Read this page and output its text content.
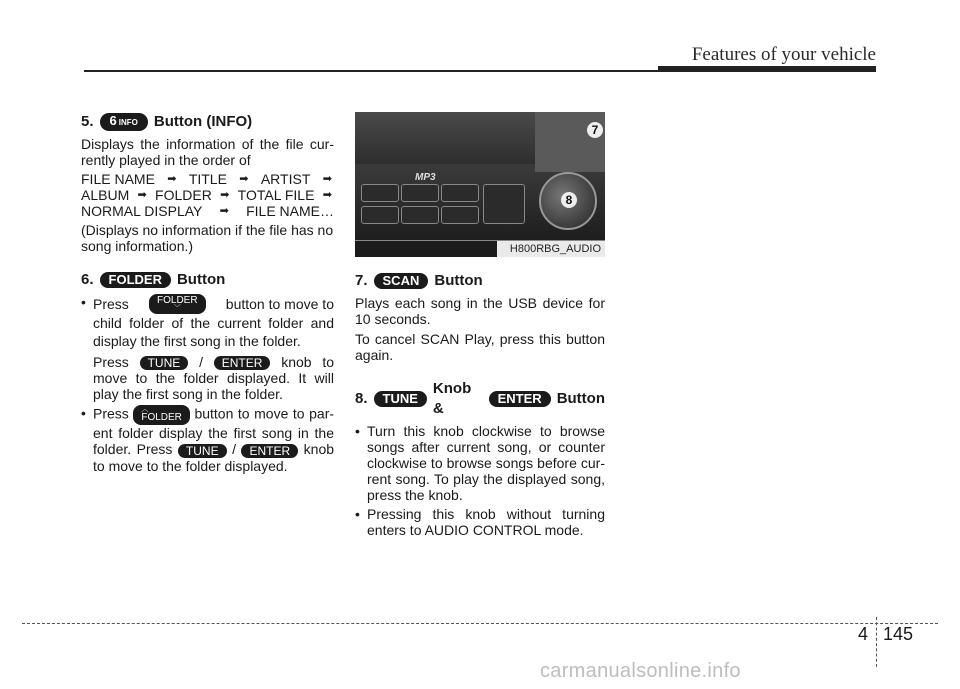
Features of your vehicle
5.	6 INFO	Button (INFO)

Displays the information of the file cur-rently played in the order of

FILE NAME ➡ TITLE ➡ ARTIST ➡
ALBUM ➡ FOLDER ➡ TOTAL FILE ➡
NORMAL DISPLAY ➡ FILE NAME…

(Displays no information if the file has no song information.)

6.	FOLDER	Button
• Press	FOLDER
﹀	button to move to

child folder of the current folder and display the first song in the folder.

Press TUNE / ENTER knob to move to the folder displayed. It will play the first song in the folder.

• Press ︿
FOLDER button to move to par-ent folder display the first song in the folder. Press TUNE / ENTER knob to move to the folder displayed.

7
MP3
8
H800RBG_AUDIO
7.	SCAN	Button

Plays each song in the USB device for 10 seconds.

To cancel SCAN Play, press this button again.

8.	TUNE
Knob &
ENTER	Button
• Turn this knob clockwise to browse songs after current song, or counter clockwise to browse songs before cur-rent song. To play the displayed song, press the knob.
• Pressing this knob without turning enters to AUDIO CONTROL mode.
4 145
carmanualsonline.info
